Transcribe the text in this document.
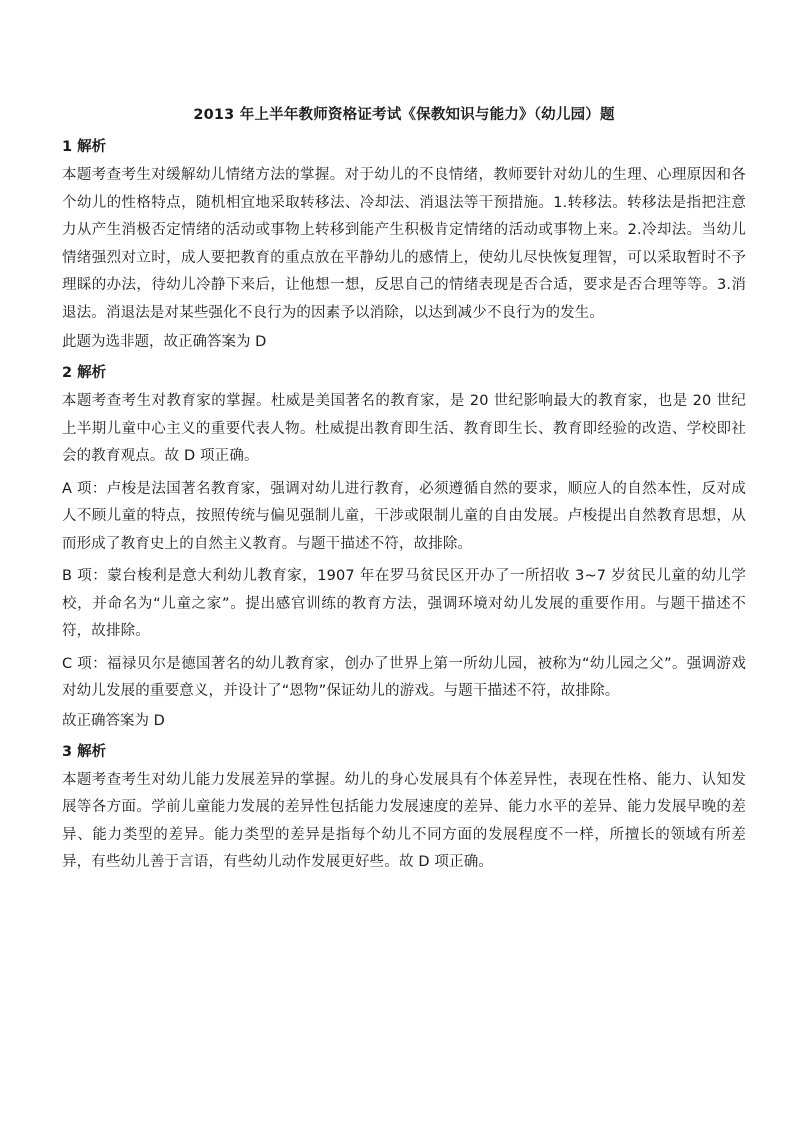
2013 年上半年教师资格证考试《保教知识与能力》（幼儿园）题
1 解析

本题考查考生对缓解幼儿情绪方法的掌握。对于幼儿的不良情绪，教师要针对幼儿的生理、心理原因和各个幼儿的性格特点，随机相宜地采取转移法、冷却法、消退法等干预措施。1.转移法。转移法是指把注意力从产生消极否定情绪的活动或事物上转移到能产生积极肯定情绪的活动或事物上来。2.冷却法。当幼儿情绪强烈对立时，成人要把教育的重点放在平静幼儿的感情上，使幼儿尽快恢复理智，可以采取暂时不予理睬的办法，待幼儿冷静下来后，让他想一想，反思自己的情绪表现是否合适，要求是否合理等等。3.消退法。消退法是对某些强化不良行为的因素予以消除，以达到减少不良行为的发生。

此题为选非题，故正确答案为 D
2 解析

本题考查考生对教育家的掌握。杜威是美国著名的教育家，是 20 世纪影响最大的教育家，也是 20 世纪上半期儿童中心主义的重要代表人物。杜威提出教育即生活、教育即生长、教育即经验的改造、学校即社会的教育观点。故 D 项正确。

A 项：卢梭是法国著名教育家，强调对幼儿进行教育，必须遵循自然的要求，顺应人的自然本性，反对成人不顾儿童的特点，按照传统与偏见强制儿童，干涉或限制儿童的自由发展。卢梭提出自然教育思想，从而形成了教育史上的自然主义教育。与题干描述不符，故排除。

B 项：蒙台梭利是意大利幼儿教育家，1907 年在罗马贫民区开办了一所招收 3~7 岁贫民儿童的幼儿学校，并命名为“儿童之家”。提出感官训练的教育方法，强调环境对幼儿发展的重要作用。与题干描述不符，故排除。

C 项：福禄贝尔是德国著名的幼儿教育家，创办了世界上第一所幼儿园，被称为“幼儿园之父”。强调游戏对幼儿发展的重要意义，并设计了“恩物”保证幼儿的游戏。与题干描述不符，故排除。

故正确答案为 D
3 解析

本题考查考生对幼儿能力发展差异的掌握。幼儿的身心发展具有个体差异性，表现在性格、能力、认知发展等各方面。学前儿童能力发展的差异性包括能力发展速度的差异、能力水平的差异、能力发展早晚的差异、能力类型的差异。能力类型的差异是指每个幼儿不同方面的发展程度不一样，所擅长的领域有所差异，有些幼儿善于言语，有些幼儿动作发展更好些。故 D 项正确。
